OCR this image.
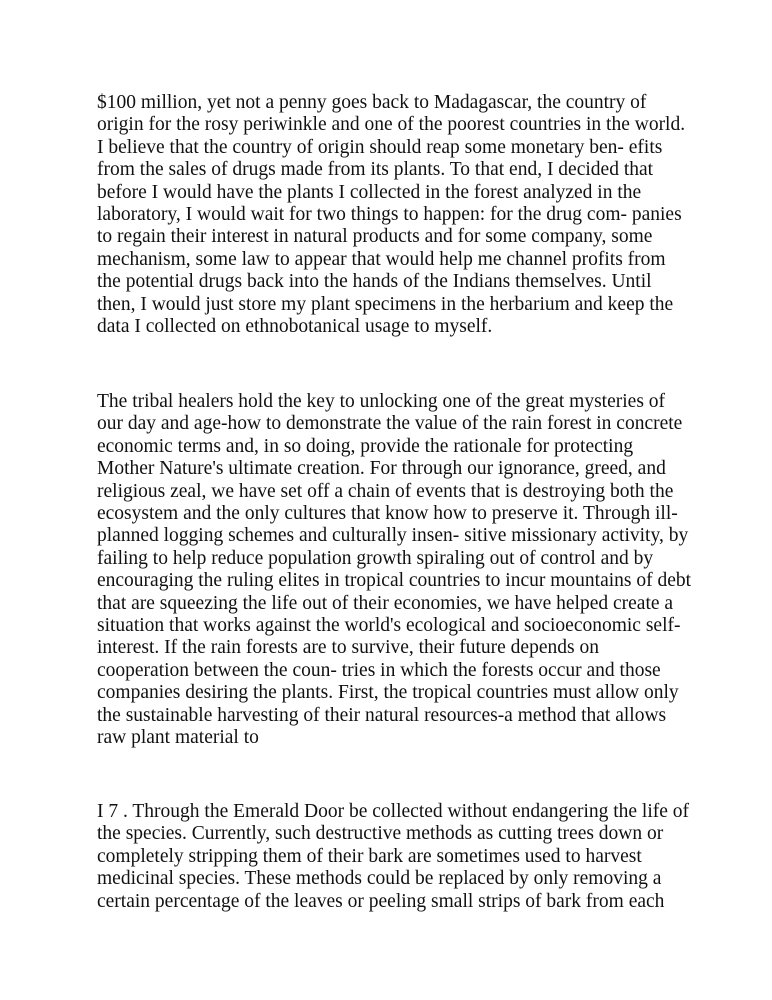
$100 million, yet not a penny goes back to Madagascar, the country of
origin for the rosy periwinkle and one of the poorest countries in the world.
I believe that the country of origin should reap some monetary ben- efits
from the sales of drugs made from its plants. To that end, I decided that
before I would have the plants I collected in the forest analyzed in the
laboratory, I would wait for two things to happen: for the drug com- panies
to regain their interest in natural products and for some company, some
mechanism, some law to appear that would help me channel profits from
the potential drugs back into the hands of the Indians themselves. Until
then, I would just store my plant specimens in the herbarium and keep the
data I collected on ethnobotanical usage to myself.

The tribal healers hold the key to unlocking one of the great mysteries of
our day and age-how to demonstrate the value of the rain forest in concrete
economic terms and, in so doing, provide the rationale for protecting
Mother Nature's ultimate creation. For through our ignorance, greed, and
religious zeal, we have set off a chain of events that is destroying both the
ecosystem and the only cultures that know how to preserve it. Through ill-
planned logging schemes and culturally insen- sitive missionary activity, by
failing to help reduce population growth spiraling out of control and by
encouraging the ruling elites in tropical countries to incur mountains of debt
that are squeezing the life out of their economies, we have helped create a
situation that works against the world's ecological and socioeconomic self-
interest. If the rain forests are to survive, their future depends on
cooperation between the coun- tries in which the forests occur and those
companies desiring the plants. First, the tropical countries must allow only
the sustainable harvesting of their natural resources-a method that allows
raw plant material to

I 7 . Through the Emerald Door be collected without endangering the life of
the species. Currently, such destructive methods as cutting trees down or
completely stripping them of their bark are sometimes used to harvest
medicinal species. These methods could be replaced by only removing a
certain percentage of the leaves or peeling small strips of bark from each
